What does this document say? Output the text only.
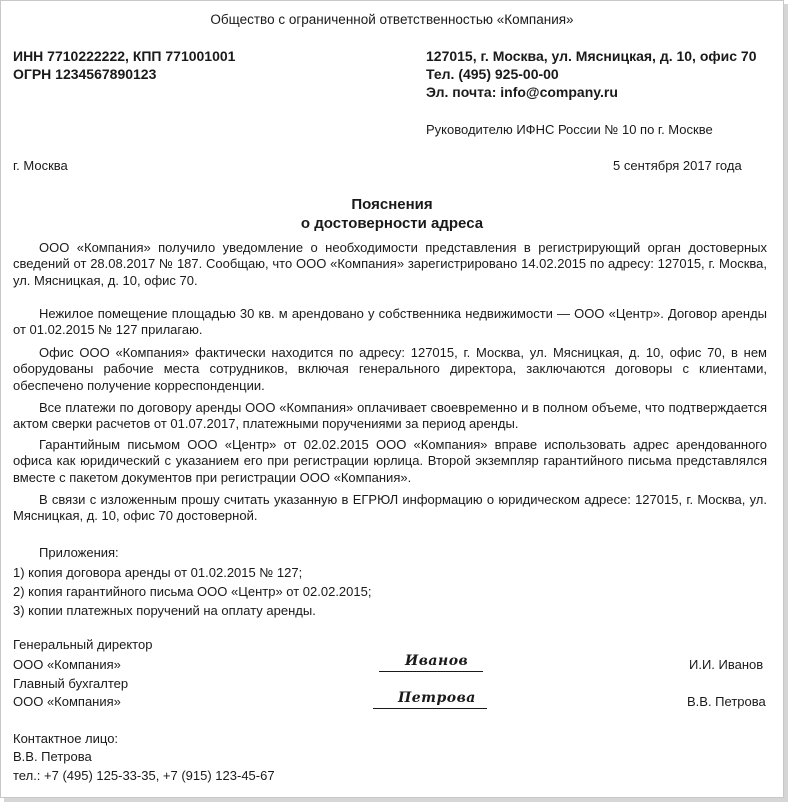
Общество с ограниченной ответственностью «Компания»
ИНН 7710222222, КПП 771001001
ОГРН 1234567890123
127015, г. Москва, ул. Мясницкая, д. 10, офис 70
Тел. (495) 925-00-00
Эл. почта: info@company.ru
Руководителю ИФНС России № 10 по г. Москве
г. Москва	5 сентября 2017 года
Пояснения
о достоверности адреса

ООО «Компания» получило уведомление о необходимости представления в регистрирующий орган достоверных сведений от 28.08.2017 № 187. Сообщаю, что ООО «Компания» зарегистрировано 14.02.2015 по адресу: 127015, г. Москва, ул. Мясницкая, д. 10, офис 70.

Нежилое помещение площадью 30 кв. м арендовано у собственника недвижимости — ООО «Центр». Договор аренды от 01.02.2015 № 127 прилагаю.

Офис ООО «Компания» фактически находится по адресу: 127015, г. Москва, ул. Мясницкая, д. 10, офис 70, в нем оборудованы рабочие места сотрудников, включая генерального директора, заключаются договоры с клиентами, обеспечено получение корреспонденции.

Все платежи по договору аренды ООО «Компания» оплачивает своевременно и в полном объеме, что подтверждается актом сверки расчетов от 01.07.2017, платежными поручениями за период аренды.

Гарантийным письмом ООО «Центр» от 02.02.2015 ООО «Компания» вправе использовать адрес арендованного офиса как юридический с указанием его при регистрации юрлица. Второй экземпляр гарантийного письма представлялся вместе с пакетом документов при регистрации ООО «Компания».

В связи с изложенным прошу считать указанную в ЕГРЮЛ информацию о юридическом адресе: 127015, г. Москва, ул. Мясницкая, д. 10, офис 70 достоверной.

Приложения:
1) копия договора аренды от 01.02.2015 № 127;
2) копия гарантийного письма ООО «Центр» от 02.02.2015;
3) копии платежных поручений на оплату аренды.
Генеральный директор
ООО «Компания»	Иванов	И.И. Иванов
Главный бухгалтер
ООО «Компания»	Петрова	В.В. Петрова
Контактное лицо:
В.В. Петрова
тел.: +7 (495) 125-33-35, +7 (915) 123-45-67
